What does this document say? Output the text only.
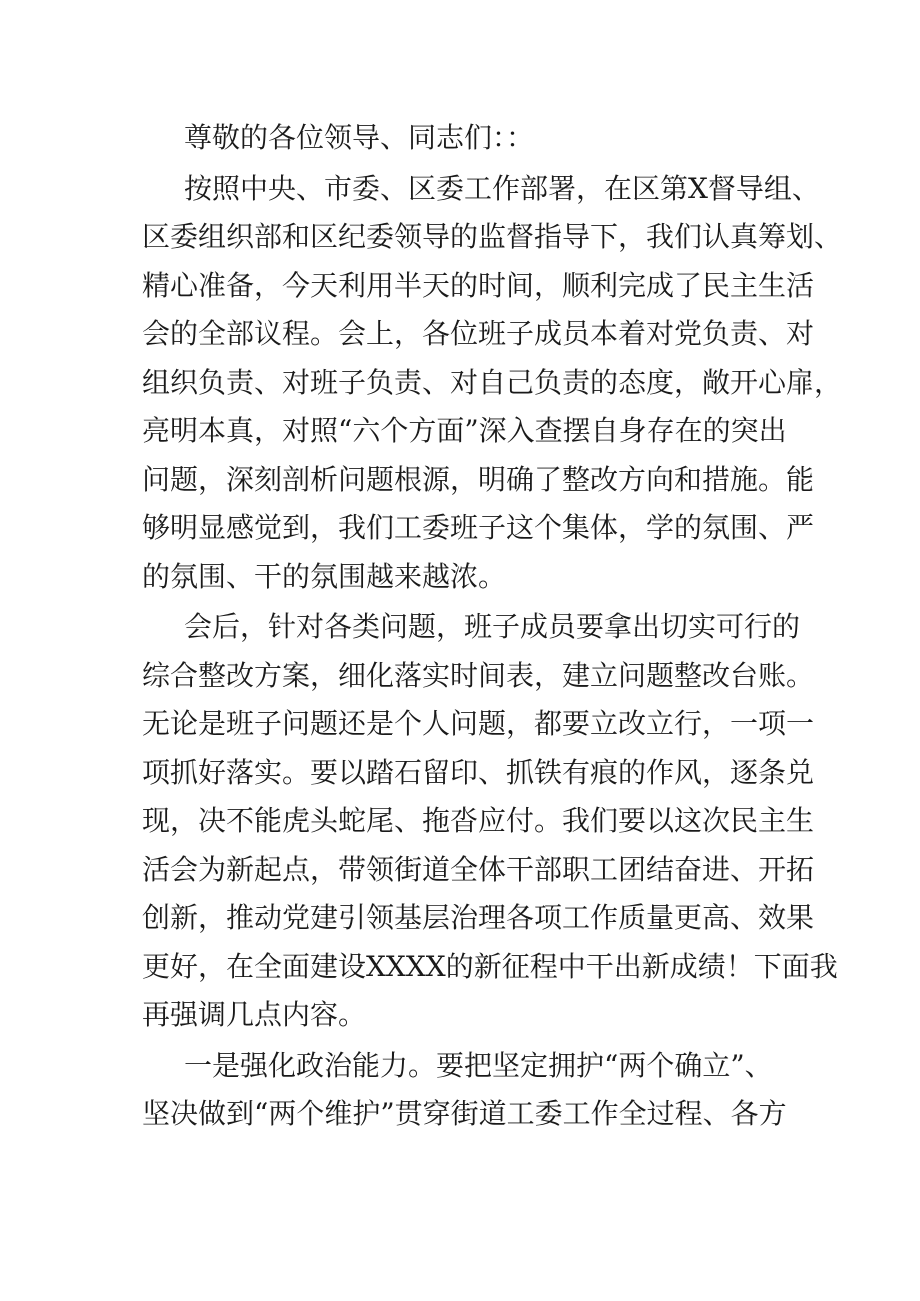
尊敬的各位领导、同志们：：
按照中央、市委、区委工作部署，在区第X督导组、
区委组织部和区纪委领导的监督指导下，我们认真筹划、
精心准备，今天利用半天的时间，顺利完成了民主生活
会的全部议程。会上，各位班子成员本着对党负责、对
组织负责、对班子负责、对自己负责的态度，敞开心扉，
亮明本真，对照“六个方面”深入查摆自身存在的突出
问题，深刻剖析问题根源，明确了整改方向和措施。能
够明显感觉到，我们工委班子这个集体，学的氛围、严
的氛围、干的氛围越来越浓。
会后，针对各类问题，班子成员要拿出切实可行的
综合整改方案，细化落实时间表，建立问题整改台账。
无论是班子问题还是个人问题，都要立改立行，一项一
项抓好落实。要以踏石留印、抓铁有痕的作风，逐条兑
现，决不能虎头蛇尾、拖沓应付。我们要以这次民主生
活会为新起点，带领街道全体干部职工团结奋进、开拓
创新，推动党建引领基层治理各项工作质量更高、效果
更好，在全面建设XXXX的新征程中干出新成绩！下面我
再强调几点内容。
一是强化政治能力。要把坚定拥护“两个确立”、
坚决做到“两个维护”贯穿街道工委工作全过程、各方
